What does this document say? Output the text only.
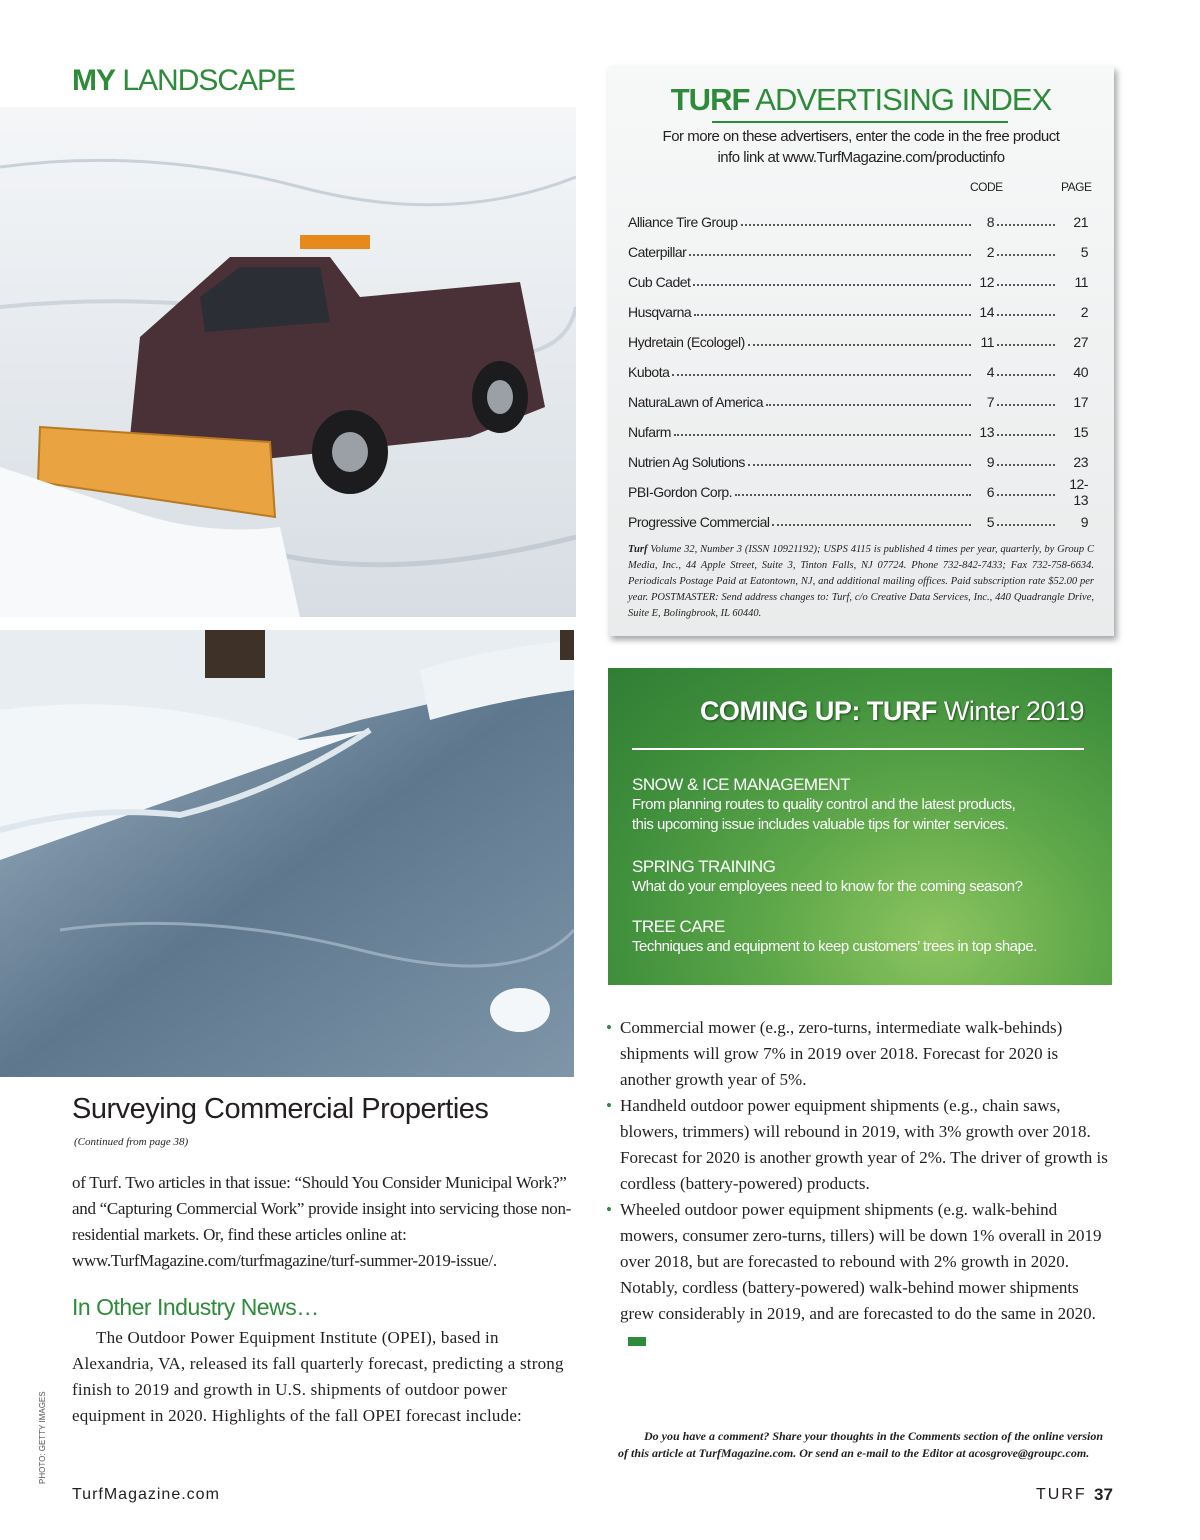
MY LANDSCAPE
PHOTO: GETTY IMAGES
TURF ADVERTISING INDEX
For more on these advertisers, enter the code in the free product
info link at www.TurfMagazine.com/productinfo
CODE	PAGE
Alliance Tire Group	8	21
Caterpillar	2	5
Cub Cadet	12	11
Husqvarna	14	2
Hydretain (Ecologel)	11	27
Kubota	4	40
NaturaLawn of America	7	17
Nufarm	13	15
Nutrien Ag Solutions	9	23
PBI-Gordon Corp.	6	12-13
Progressive Commercial	5	9
Turf Volume 32, Number 3 (ISSN 10921192); USPS 4115 is published 4 times per year, quarterly, by Group C Media, Inc., 44 Apple Street, Suite 3, Tinton Falls, NJ 07724. Phone 732-842-7433; Fax 732-758-6634. Periodicals Postage Paid at Eatontown, NJ, and additional mailing offices. Paid subscription rate $52.00 per year. POSTMASTER: Send address changes to: Turf, c/o Creative Data Services, Inc., 440 Quadrangle Drive, Suite E, Bolingbrook, IL 60440.
COMING UP: TURF Winter 2019
SNOW & ICE MANAGEMENT
From planning routes to quality control and the latest products,
this upcoming issue includes valuable tips for winter services.
SPRING TRAINING
What do your employees need to know for the coming season?
TREE CARE
Techniques and equipment to keep customers’ trees in top shape.
Surveying Commercial Properties
(Continued from page 38)
of Turf. Two articles in that issue: “Should You Consider Municipal Work?” and “Capturing Commercial Work” provide insight into servicing those non-residential markets. Or, find these articles online at: www.TurfMagazine.com/turfmagazine/turf-summer-2019-issue/.
In Other Industry News…
The Outdoor Power Equipment Institute (OPEI), based in Alexandria, VA, released its fall quarterly forecast, predicting a strong finish to 2019 and growth in U.S. shipments of outdoor power equipment in 2020. Highlights of the fall OPEI forecast include:
• Commercial mower (e.g., zero-turns, intermediate walk-behinds) shipments will grow 7% in 2019 over 2018. Forecast for 2020 is another growth year of 5%.
• Handheld outdoor power equipment shipments (e.g., chain saws, blowers, trimmers) will rebound in 2019, with 3% growth over 2018. Forecast for 2020 is another growth year of 2%. The driver of growth is cordless (battery-powered) products.
• Wheeled outdoor power equipment shipments (e.g. walk-behind mowers, consumer zero-turns, tillers) will be down 1% overall in 2019 over 2018, but are forecasted to rebound with 2% growth in 2020. Notably, cordless (battery-powered) walk-behind mower shipments grew considerably in 2019, and are forecasted to do the same in 2020.
Do you have a comment? Share your thoughts in the Comments section of the online version of this article at TurfMagazine.com. Or send an e-mail to the Editor at acosgrove@groupc.com.
TurfMagazine.com	TURF 37
